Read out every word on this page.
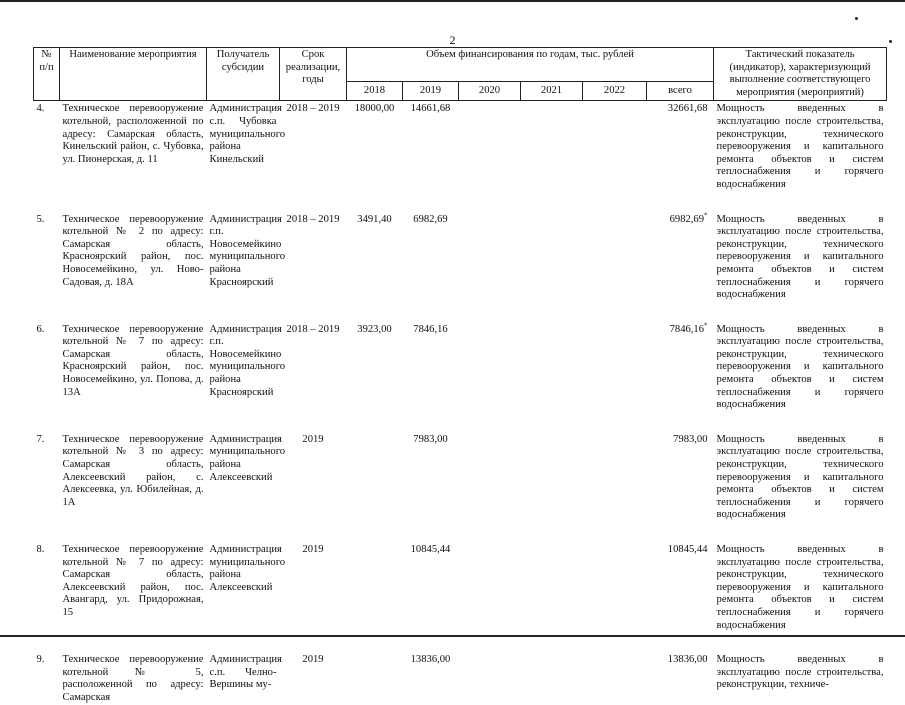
2
№ п/п	Наименование мероприятия	Получатель субсидии	Срок реализации, годы	Объем финансирования по годам, тыс. рублей						Тактический показатель (индикатор), характеризующий выполнение соответствующего мероприятия (мероприятий)
				2018	2019	2020	2021	2022	всего	

4.	Техническое перевооружение котельной, расположенной по адресу: Самарская область, Кинельский район, с. Чубовка, ул. Пионерская, д. 11	Администрация с.п. Чубовка муниципального района Кинельский	2018 – 2019	18000,00	14661,68				32661,68	Мощность введенных в эксплуатацию после строительства, реконструкции, технического перевооружения и капитального ремонта объектов и систем теплоснабжения и горячего водоснабжения
5.	Техническое перевооружение котельной № 2 по адресу: Самарская область, Красноярский район, пос. Новосемейкино, ул. Ново-Садовая, д. 18А	Администрация г.п. Новосемейкино муниципального района Красноярский	2018 – 2019	3491,40	6982,69				6982,69*	Мощность введенных в эксплуатацию после строительства, реконструкции, технического перевооружения и капитального ремонта объектов и систем теплоснабжения и горячего водоснабжения
6.	Техническое перевооружение котельной № 7 по адресу: Самарская область, Красноярский район, пос. Новосемейкино, ул. Попова, д. 13А	Администрация г.п. Новосемейкино муниципального района Красноярский	2018 – 2019	3923,00	7846,16				7846,16*	Мощность введенных в эксплуатацию после строительства, реконструкции, технического перевооружения и капитального ремонта объектов и систем теплоснабжения и горячего водоснабжения
7.	Техническое перевооружение котельной № 3 по адресу: Самарская область, Алексеевский район, с. Алексеевка, ул. Юбилейная, д. 1А	Администрация муниципального района Алексеевский	2019		7983,00				7983,00	Мощность введенных в эксплуатацию после строительства, реконструкции, технического перевооружения и капитального ремонта объектов и систем теплоснабжения и горячего водоснабжения
8.	Техническое перевооружение котельной № 7 по адресу: Самарская область, Алексеевский район, пос. Авангард, ул. Придорожная, 15	Администрация муниципального района Алексеевский	2019		10845,44				10845,44	Мощность введенных в эксплуатацию после строительства, реконструкции, технического перевооружения и капитального ремонта объектов и систем теплоснабжения и горячего водоснабжения
9.	Техническое перевооружение котельной № 5, расположенной по адресу: Самарская	Администрация с.п. Челно-Вершины му-	2019		13836,00				13836,00	Мощность введенных в эксплуатацию после строительства, реконструкции, техниче-
